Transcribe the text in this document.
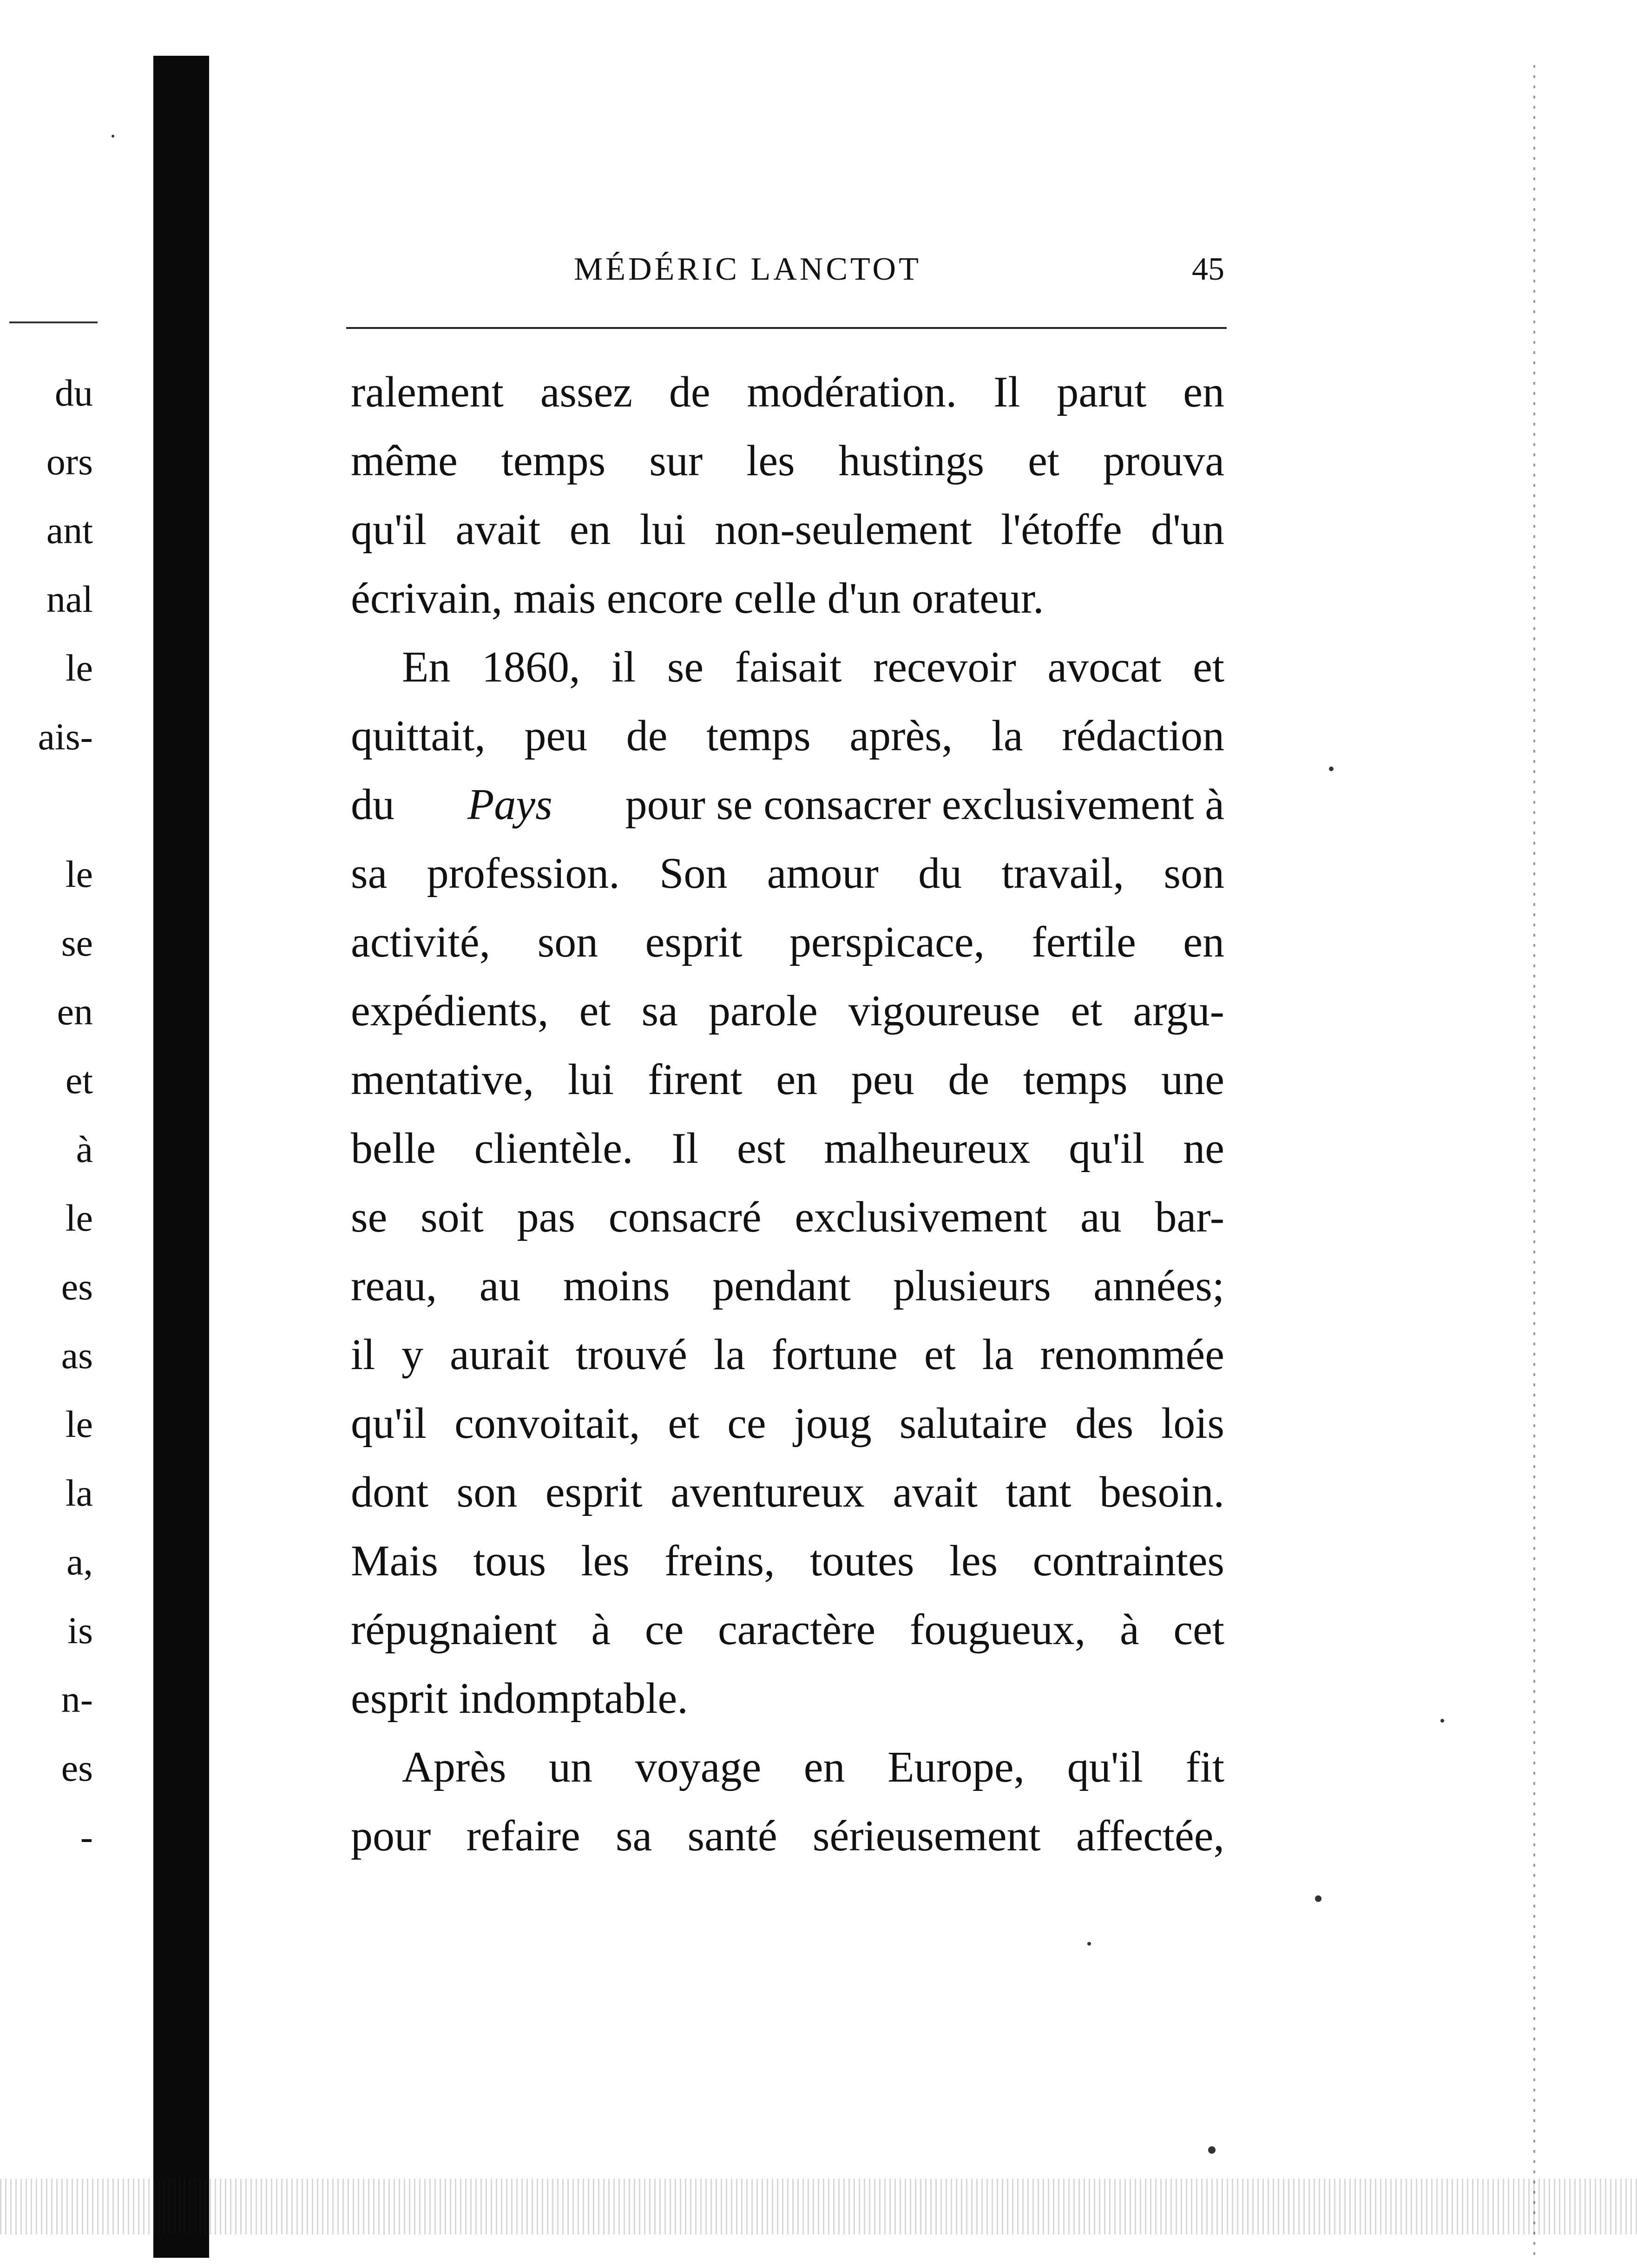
du
ors
ant
nal
le
ais-
le
se
en
et
à
le
es
as
le
la
a,
is
n-
es
-
MÉDÉRIC LANCTOT	45
ralement assez de modération. Il parut en
même temps sur les hustings et prouva
qu'il avait en lui non-seulement l'étoffe d'un
écrivain, mais encore celle d'un orateur.
En 1860, il se faisait recevoir avocat et
quittait, peu de temps après, la rédaction
du Pays pour se consacrer exclusivement à
sa profession. Son amour du travail, son
activité, son esprit perspicace, fertile en
expédients, et sa parole vigoureuse et argu-
mentative, lui firent en peu de temps une
belle clientèle. Il est malheureux qu'il ne
se soit pas consacré exclusivement au bar-
reau, au moins pendant plusieurs années;
il y aurait trouvé la fortune et la renommée
qu'il convoitait, et ce joug salutaire des lois
dont son esprit aventureux avait tant besoin.
Mais tous les freins, toutes les contraintes
répugnaient à ce caractère fougueux, à cet
esprit indomptable.
Après un voyage en Europe, qu'il fit
pour refaire sa santé sérieusement affectée,
